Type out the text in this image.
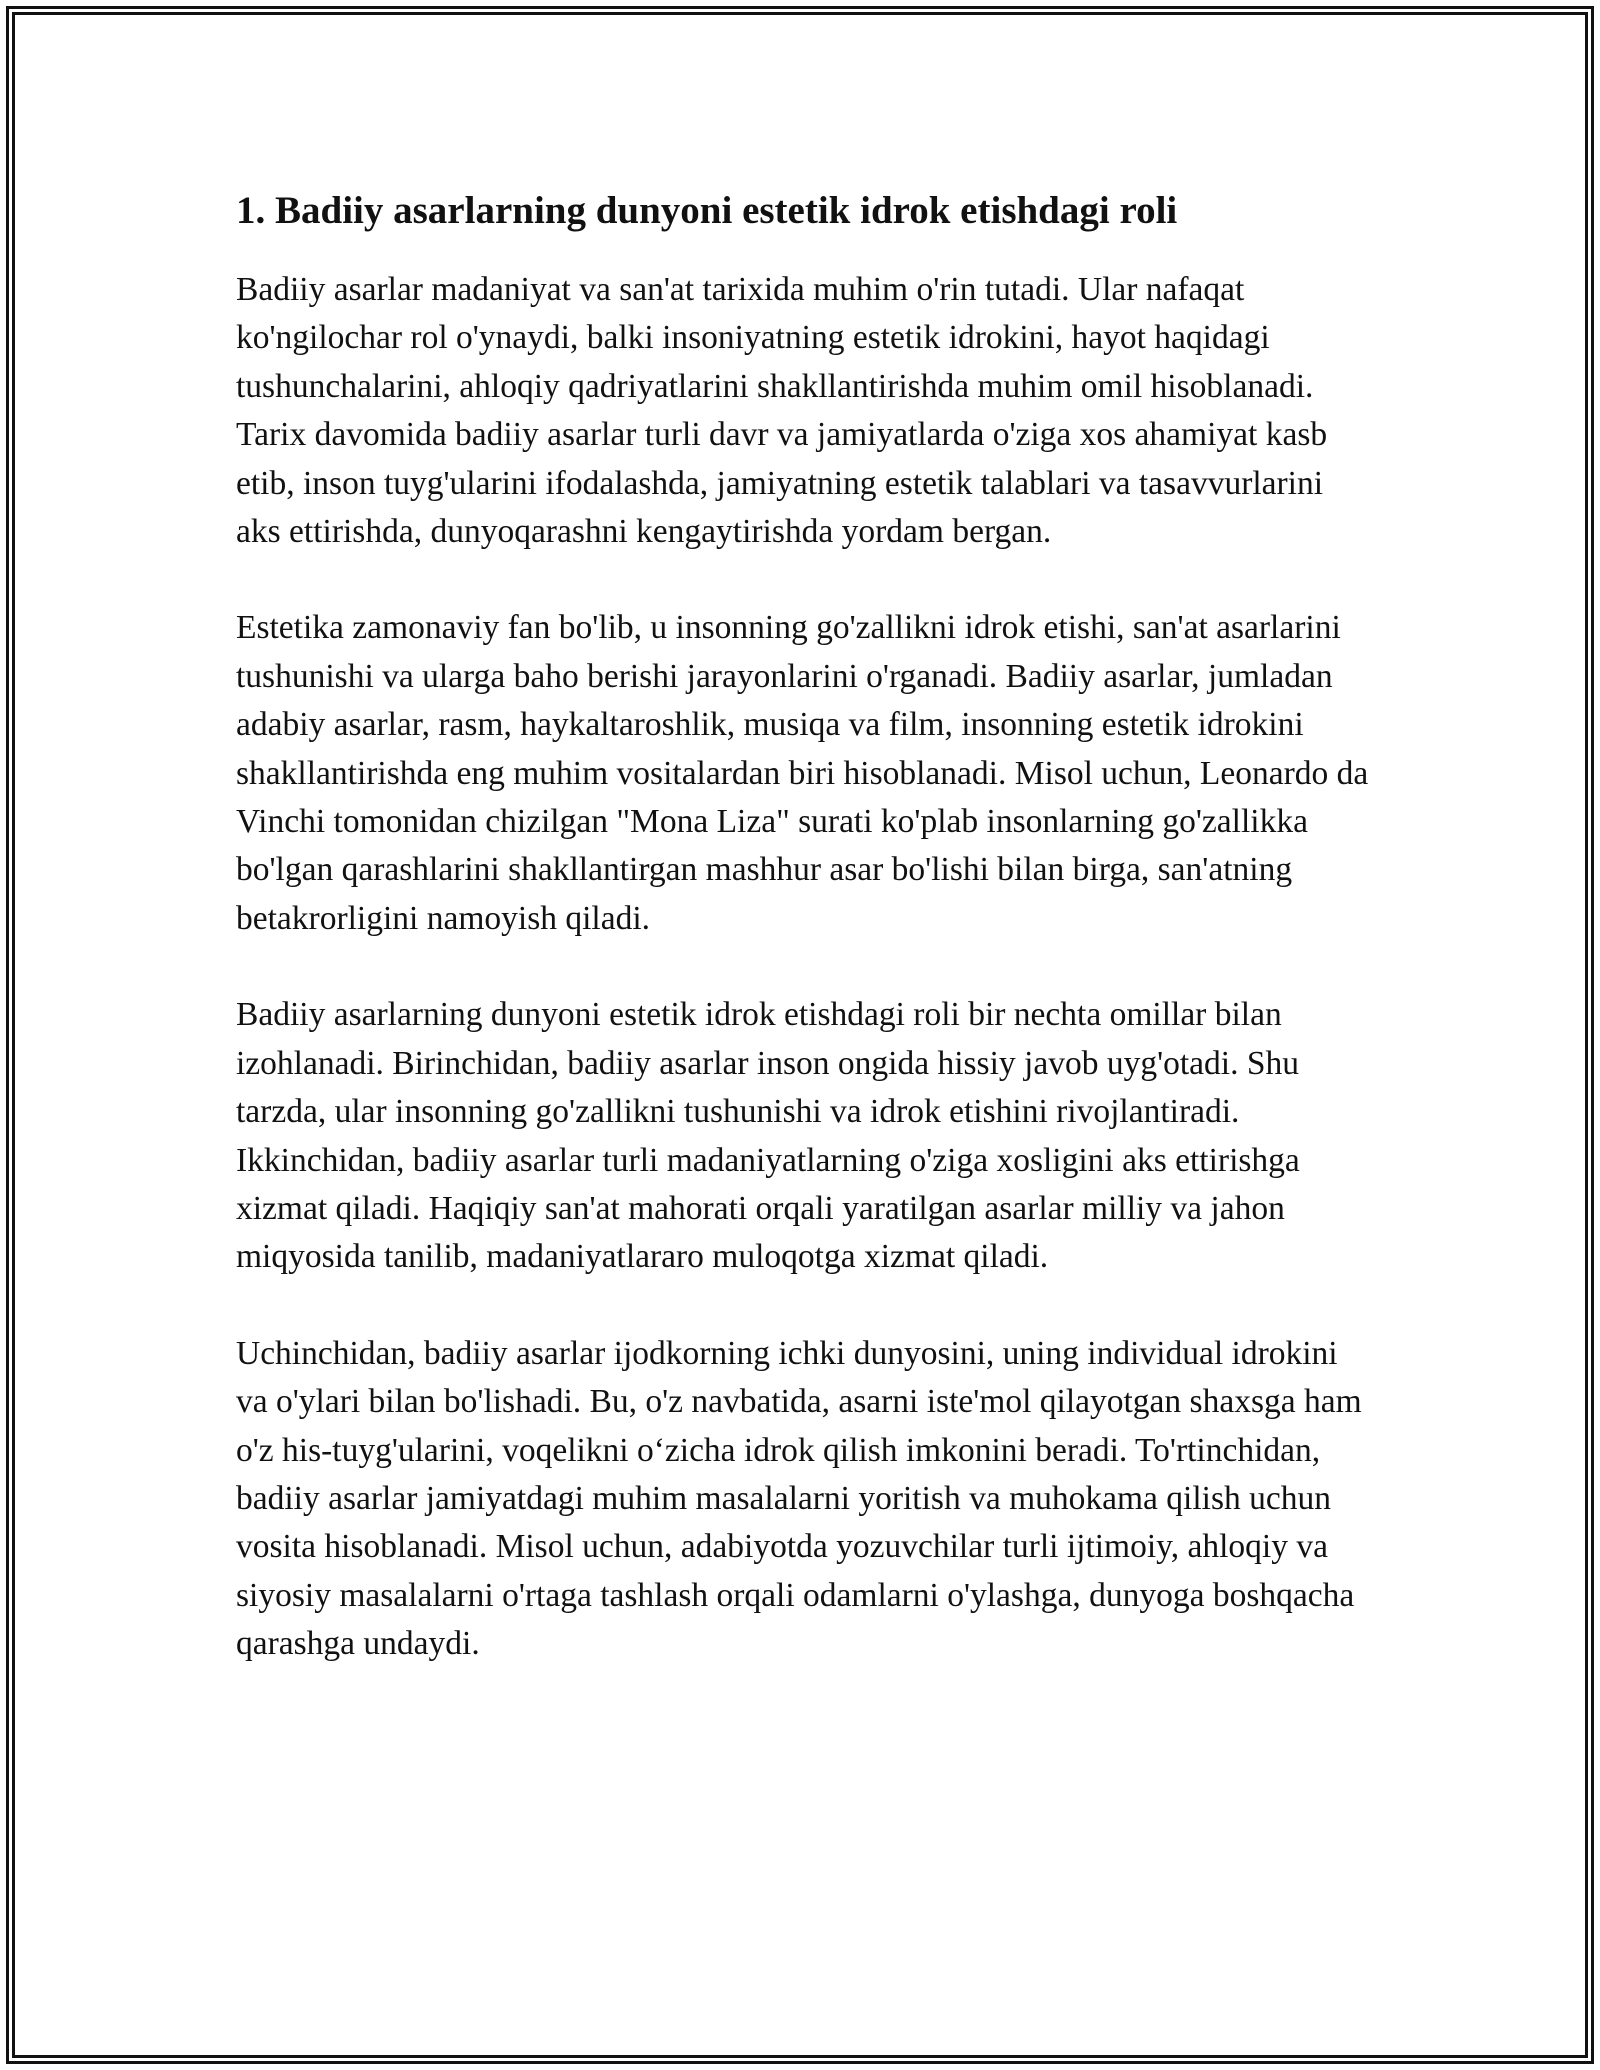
1. Badiiy asarlarning dunyoni estetik idrok etishdagi roli

Badiiy asarlar madaniyat va san'at tarixida muhim o'rin tutadi. Ular nafaqat ko'ngilochar rol o'ynaydi, balki insoniyatning estetik idrokini, hayot haqidagi tushunchalarini, ahloqiy qadriyatlarini shakllantirishda muhim omil hisoblanadi. Tarix davomida badiiy asarlar turli davr va jamiyatlarda o'ziga xos ahamiyat kasb etib, inson tuyg'ularini ifodalashda, jamiyatning estetik talablari va tasavvurlarini aks ettirishda, dunyoqarashni kengaytirishda yordam bergan.

Estetika zamonaviy fan bo'lib, u insonning go'zallikni idrok etishi, san'at asarlarini tushunishi va ularga baho berishi jarayonlarini o'rganadi. Badiiy asarlar, jumladan adabiy asarlar, rasm, haykaltaroshlik, musiqa va film, insonning estetik idrokini shakllantirishda eng muhim vositalardan biri hisoblanadi. Misol uchun, Leonardo da Vinchi tomonidan chizilgan "Mona Liza" surati ko'plab insonlarning go'zallikka bo'lgan qarashlarini shakllantirgan mashhur asar bo'lishi bilan birga, san'atning betakrorligini namoyish qiladi.

Badiiy asarlarning dunyoni estetik idrok etishdagi roli bir nechta omillar bilan izohlanadi. Birinchidan, badiiy asarlar inson ongida hissiy javob uyg'otadi. Shu tarzda, ular insonning go'zallikni tushunishi va idrok etishini rivojlantiradi. Ikkinchidan, badiiy asarlar turli madaniyatlarning o'ziga xosligini aks ettirishga xizmat qiladi. Haqiqiy san'at mahorati orqali yaratilgan asarlar milliy va jahon miqyosida tanilib, madaniyatlararo muloqotga xizmat qiladi.

Uchinchidan, badiiy asarlar ijodkorning ichki dunyosini, uning individual idrokini va o'ylari bilan bo'lishadi. Bu, o'z navbatida, asarni iste'mol qilayotgan shaxsga ham o'z his-tuyg'ularini, voqelikni o‘zicha idrok qilish imkonini beradi. To'rtinchidan, badiiy asarlar jamiyatdagi muhim masalalarni yoritish va muhokama qilish uchun vosita hisoblanadi. Misol uchun, adabiyotda yozuvchilar turli ijtimoiy, ahloqiy va siyosiy masalalarni o'rtaga tashlash orqali odamlarni o'ylashga, dunyoga boshqacha qarashga undaydi.
